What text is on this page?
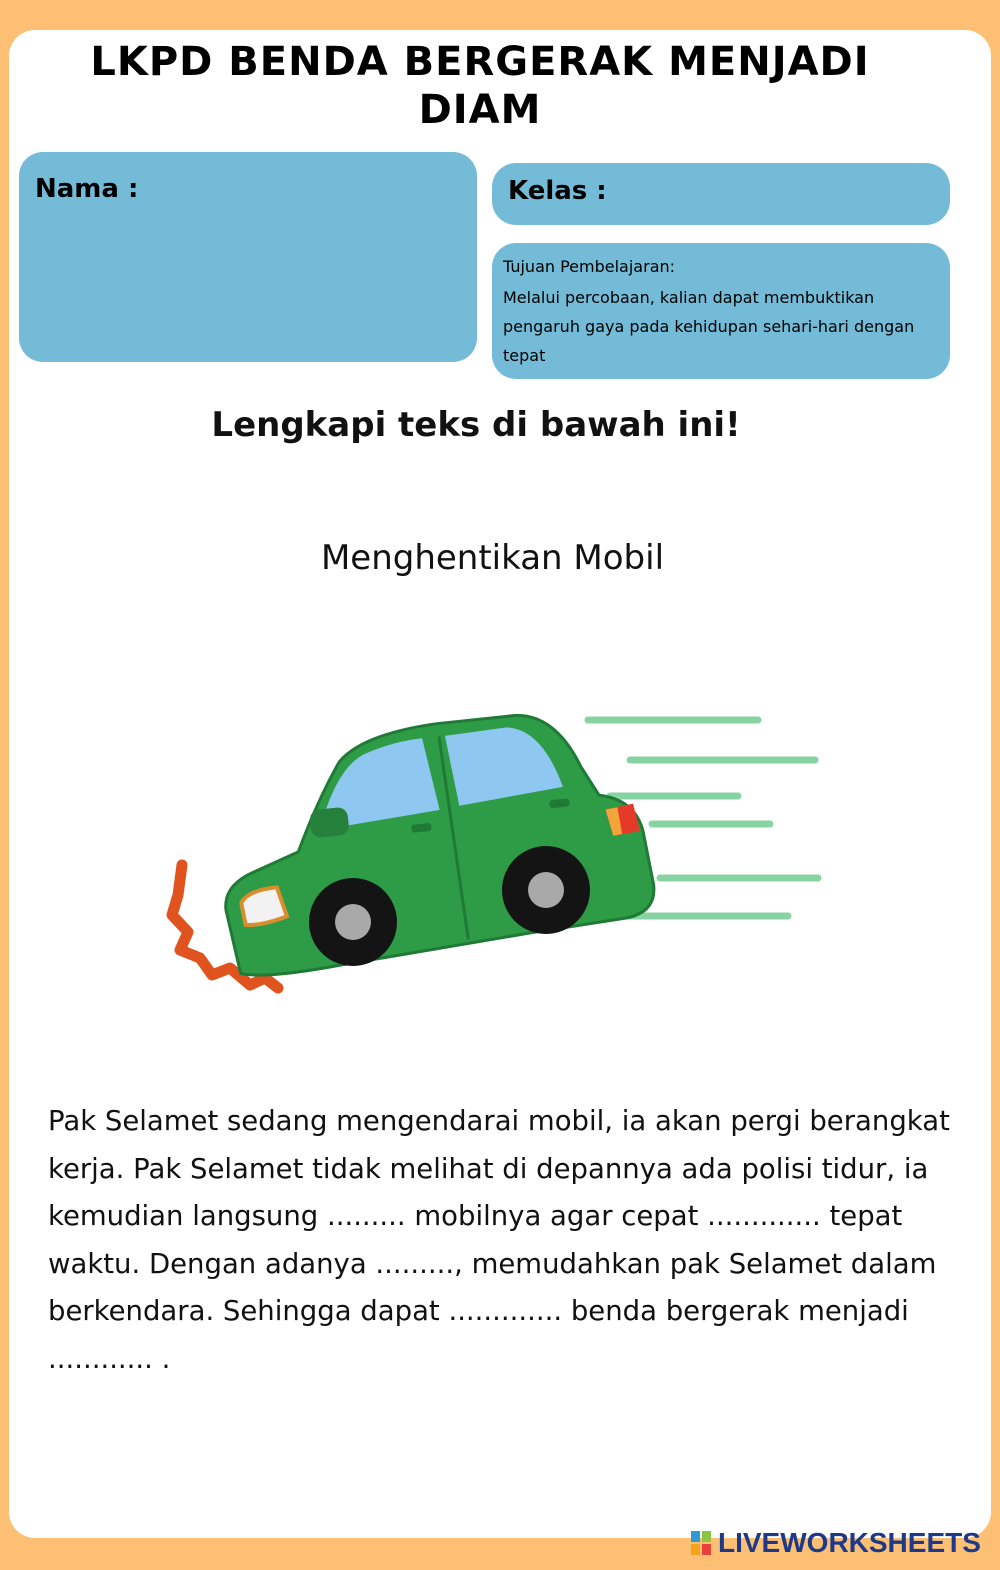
LKPD BENDA BERGERAK MENJADI
DIAM
Nama :	Kelas :
Tujuan Pembelajaran:
Melalui percobaan, kalian dapat membuktikan pengaruh gaya pada kehidupan sehari-hari dengan tepat
Lengkapi teks di bawah ini!
Menghentikan Mobil
Pak Selamet sedang mengendarai mobil, ia akan pergi berangkat kerja. Pak Selamet tidak melihat di depannya ada polisi tidur, ia kemudian langsung ......... mobilnya agar cepat ............. tepat waktu. Dengan adanya ........., memudahkan pak Selamet dalam berkendara. Sehingga dapat ............. benda bergerak menjadi ............ .
LIVEWORKSHEETS
